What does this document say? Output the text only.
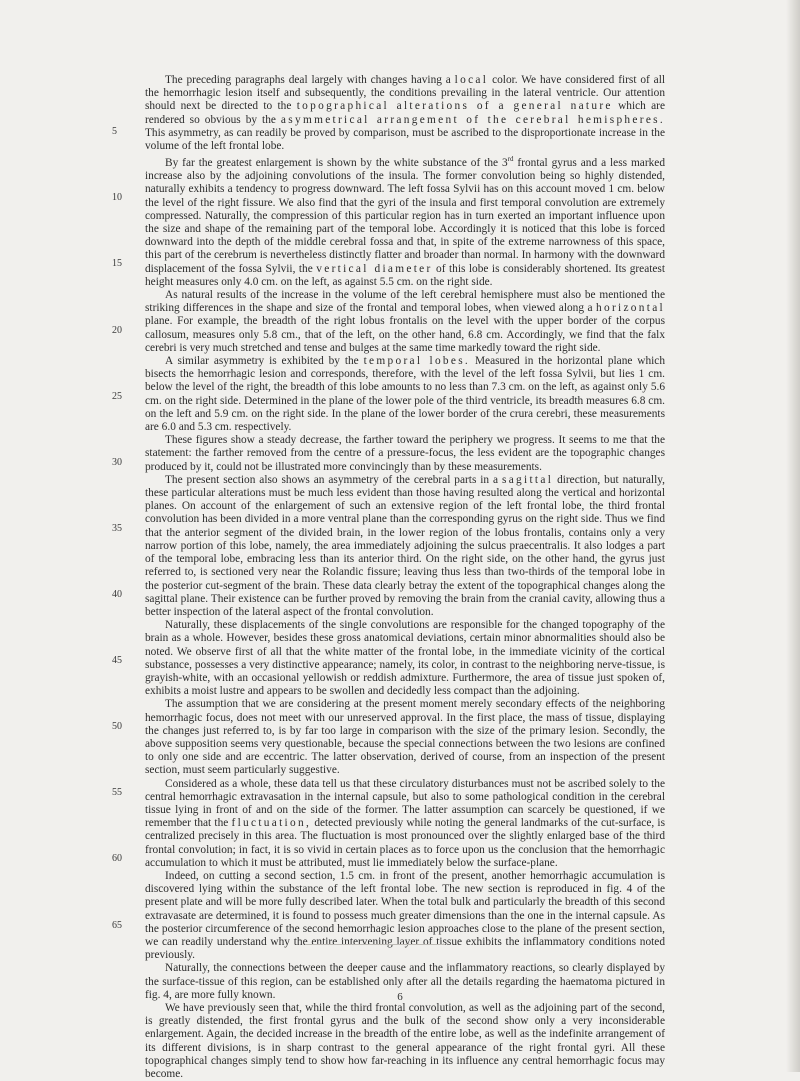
5
10
15
20
25
30
35
40
45
50
55
60
65

The preceding paragraphs deal largely with changes having a local color. We have considered first of all the hemorrhagic lesion itself and subsequently, the conditions prevailing in the lateral ventricle. Our attention should next be directed to the topographical alterations of a general nature which are rendered so obvious by the asymmetrical arrangement of the cerebral hemispheres. This asymmetry, as can readily be proved by comparison, must be ascribed to the disproportionate increase in the volume of the left frontal lobe.

By far the greatest enlargement is shown by the white substance of the 3rd frontal gyrus and a less marked increase also by the adjoining convolutions of the insula. The former convolution being so highly distended, naturally exhibits a tendency to progress downward. The left fossa Sylvii has on this account moved 1 cm. below the level of the right fissure. We also find that the gyri of the insula and first temporal convolution are extremely compressed. Naturally, the compression of this particular region has in turn exerted an important influence upon the size and shape of the remaining part of the temporal lobe. Accordingly it is noticed that this lobe is forced downward into the depth of the middle cerebral fossa and that, in spite of the extreme narrowness of this space, this part of the cerebrum is nevertheless distinctly flatter and broader than normal. In harmony with the downward displacement of the fossa Sylvii, the vertical diameter of this lobe is considerably shortened. Its greatest height measures only 4.0 cm. on the left, as against 5.5 cm. on the right side.

As natural results of the increase in the volume of the left cerebral hemisphere must also be mentioned the striking differences in the shape and size of the frontal and temporal lobes, when viewed along a horizontal plane. For example, the breadth of the right lobus frontalis on the level with the upper border of the corpus callosum, measures only 5.8 cm., that of the left, on the other hand, 6.8 cm. Accordingly, we find that the falx cerebri is very much stretched and tense and bulges at the same time markedly toward the right side.

A similar asymmetry is exhibited by the temporal lobes. Measured in the horizontal plane which bisects the hemorrhagic lesion and corresponds, therefore, with the level of the left fossa Sylvii, but lies 1 cm. below the level of the right, the breadth of this lobe amounts to no less than 7.3 cm. on the left, as against only 5.6 cm. on the right side. Determined in the plane of the lower pole of the third ventricle, its breadth measures 6.8 cm. on the left and 5.9 cm. on the right side. In the plane of the lower border of the crura cerebri, these measurements are 6.0 and 5.3 cm. respectively.

These figures show a steady decrease, the farther toward the periphery we progress. It seems to me that the statement: the farther removed from the centre of a pressure-focus, the less evident are the topographic changes produced by it, could not be illustrated more convincingly than by these measurements.

The present section also shows an asymmetry of the cerebral parts in a sagittal direction, but naturally, these particular alterations must be much less evident than those having resulted along the vertical and horizontal planes. On account of the enlargement of such an extensive region of the left frontal lobe, the third frontal convolution has been divided in a more ventral plane than the corresponding gyrus on the right side. Thus we find that the anterior segment of the divided brain, in the lower region of the lobus frontalis, contains only a very narrow portion of this lobe, namely, the area immediately adjoining the sulcus praecentralis. It also lodges a part of the temporal lobe, embracing less than its anterior third. On the right side, on the other hand, the gyrus just referred to, is sectioned very near the Rolandic fissure; leaving thus less than two-thirds of the temporal lobe in the posterior cut-segment of the brain. These data clearly betray the extent of the topographical changes along the sagittal plane. Their existence can be further proved by removing the brain from the cranial cavity, allowing thus a better inspection of the lateral aspect of the frontal convolution.

Naturally, these displacements of the single convolutions are responsible for the changed topography of the brain as a whole. However, besides these gross anatomical deviations, certain minor abnormalities should also be noted. We observe first of all that the white matter of the frontal lobe, in the immediate vicinity of the cortical substance, possesses a very distinctive appearance; namely, its color, in contrast to the neighboring nerve-tissue, is grayish-white, with an occasional yellowish or reddish admixture. Furthermore, the area of tissue just spoken of, exhibits a moist lustre and appears to be swollen and decidedly less compact than the adjoining.

The assumption that we are considering at the present moment merely secondary effects of the neighboring hemorrhagic focus, does not meet with our unreserved approval. In the first place, the mass of tissue, displaying the changes just referred to, is by far too large in comparison with the size of the primary lesion. Secondly, the above supposition seems very questionable, because the special connections between the two lesions are confined to only one side and are eccentric. The latter observation, derived of course, from an inspection of the present section, must seem particularly suggestive.

Considered as a whole, these data tell us that these circulatory disturbances must not be ascribed solely to the central hemorrhagic extravasation in the internal capsule, but also to some pathological condition in the cerebral tissue lying in front of and on the side of the former. The latter assumption can scarcely be questioned, if we remember that the fluctuation, detected previously while noting the general landmarks of the cut-surface, is centralized precisely in this area. The fluctuation is most pronounced over the slightly enlarged base of the third frontal convolution; in fact, it is so vivid in certain places as to force upon us the conclusion that the hemorrhagic accumulation to which it must be attributed, must lie immediately below the surface-plane.

Indeed, on cutting a second section, 1.5 cm. in front of the present, another hemorrhagic accumulation is discovered lying within the substance of the left frontal lobe. The new section is reproduced in fig. 4 of the present plate and will be more fully described later. When the total bulk and particularly the breadth of this second extravasate are determined, it is found to possess much greater dimensions than the one in the internal capsule. As the posterior circumference of the second hemorrhagic lesion approaches close to the plane of the present section, we can readily understand why the entire intervening layer of tissue exhibits the inflammatory conditions noted previously.

Naturally, the connections between the deeper cause and the inflammatory reactions, so clearly displayed by the surface-tissue of this region, can be established only after all the details regarding the haematoma pictured in fig. 4, are more fully known.

We have previously seen that, while the third frontal convolution, as well as the adjoining part of the second, is greatly distended, the first frontal gyrus and the bulk of the second show only a very inconsiderable enlargement. Again, the decided increase in the breadth of the entire lobe, as well as the indefinite arrangement of its different divisions, is in sharp contrast to the general appearance of the right frontal gyri. All these topographical changes simply tend to show how far-reaching in its influence any central hemorrhagic focus may become.

6
